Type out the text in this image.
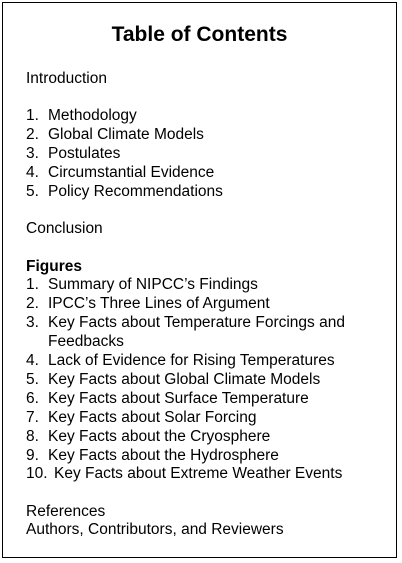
Table of Contents
Introduction
1. Methodology
2. Global Climate Models
3. Postulates
4. Circumstantial Evidence
5. Policy Recommendations
Conclusion
Figures
1. Summary of NIPCC’s Findings
2. IPCC’s Three Lines of Argument
3. Key Facts about Temperature Forcings and
Feedbacks
4. Lack of Evidence for Rising Temperatures
5. Key Facts about Global Climate Models
6. Key Facts about Surface Temperature
7. Key Facts about Solar Forcing
8. Key Facts about the Cryosphere
9. Key Facts about the Hydrosphere
10. Key Facts about Extreme Weather Events
References
Authors, Contributors, and Reviewers
